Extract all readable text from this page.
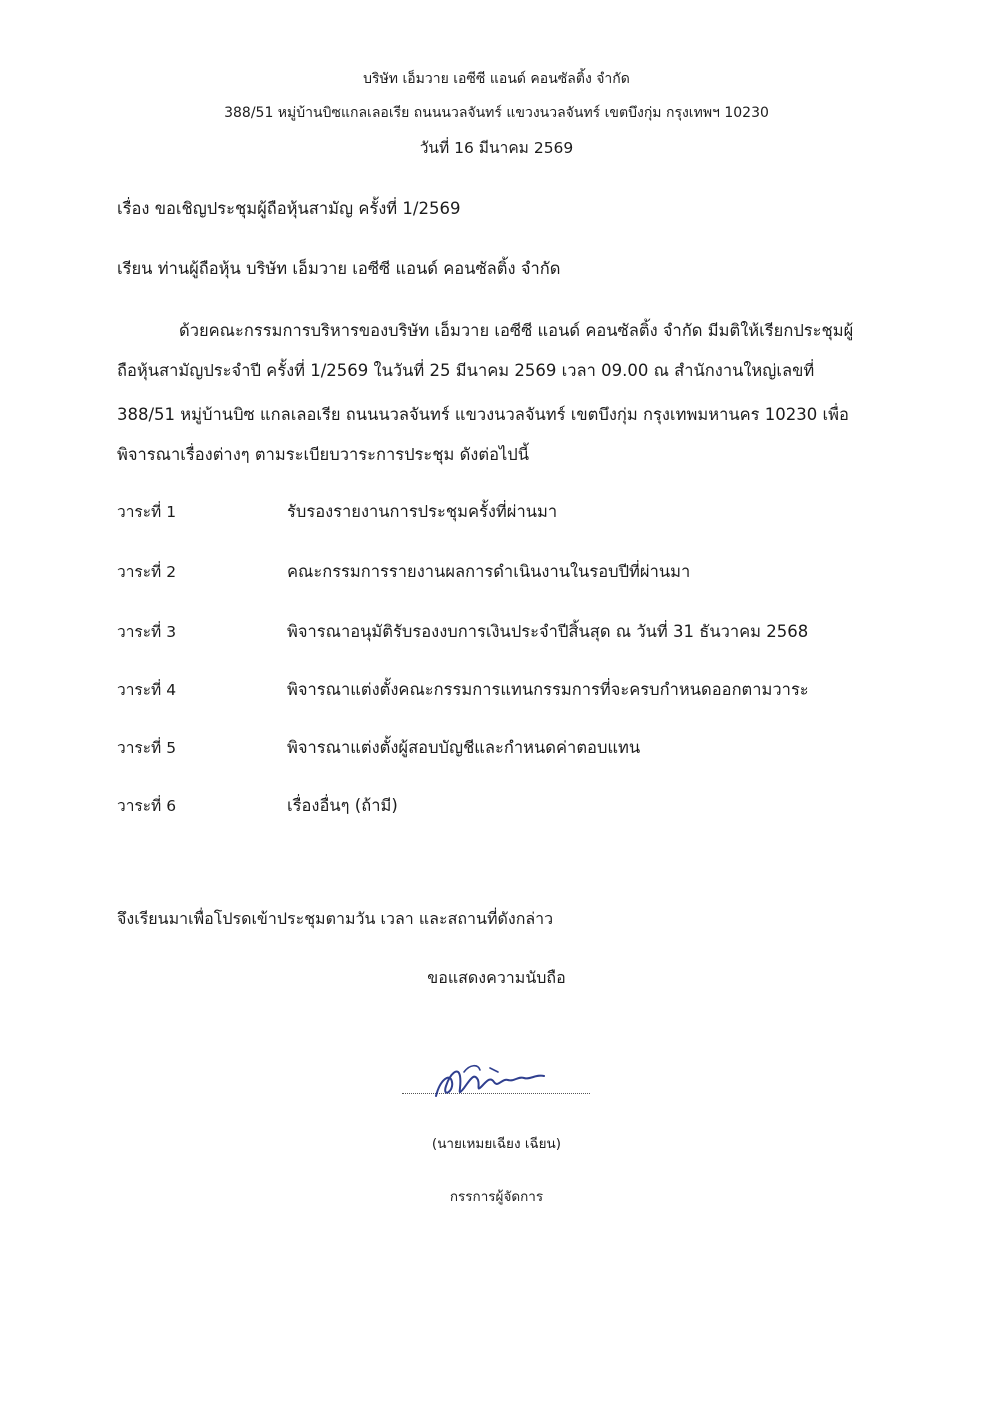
บริษัท เอ็มวาย เอซีซี แอนด์ คอนซัลติ้ง จำกัด
388/51 หมู่บ้านบิซแกลเลอเรีย ถนนนวลจันทร์ แขวงนวลจันทร์ เขตบึงกุ่ม กรุงเทพฯ 10230
วันที่ 16 มีนาคม 2569
เรื่อง ขอเชิญประชุมผู้ถือหุ้นสามัญ ครั้งที่ 1/2569
เรียน ท่านผู้ถือหุ้น บริษัท เอ็มวาย เอซีซี แอนด์ คอนซัลติ้ง จำกัด
ด้วยคณะกรรมการบริหารของบริษัท เอ็มวาย เอซีซี แอนด์ คอนซัลติ้ง จำกัด มีมติให้เรียกประชุมผู้
ถือหุ้นสามัญประจำปี ครั้งที่ 1/2569 ในวันที่ 25 มีนาคม 2569 เวลา 09.00 ณ สำนักงานใหญ่เลขที่
388/51 หมู่บ้านบิซ แกลเลอเรีย ถนนนวลจันทร์ แขวงนวลจันทร์ เขตบึงกุ่ม กรุงเทพมหานคร 10230 เพื่อ
พิจารณาเรื่องต่างๆ ตามระเบียบวาระการประชุม ดังต่อไปนี้
วาระที่ 1	รับรองรายงานการประชุมครั้งที่ผ่านมา
วาระที่ 2	คณะกรรมการรายงานผลการดำเนินงานในรอบปีที่ผ่านมา
วาระที่ 3	พิจารณาอนุมัติรับรองงบการเงินประจำปีสิ้นสุด ณ วันที่ 31 ธันวาคม 2568
วาระที่ 4	พิจารณาแต่งตั้งคณะกรรมการแทนกรรมการที่จะครบกำหนดออกตามวาระ
วาระที่ 5	พิจารณาแต่งตั้งผู้สอบบัญชีและกำหนดค่าตอบแทน
วาระที่ 6	เรื่องอื่นๆ (ถ้ามี)
จึงเรียนมาเพื่อโปรดเข้าประชุมตามวัน เวลา และสถานที่ดังกล่าว
ขอแสดงความนับถือ
(นายเหมยเฉียง เฉียน)
กรรการผู้จัดการ
